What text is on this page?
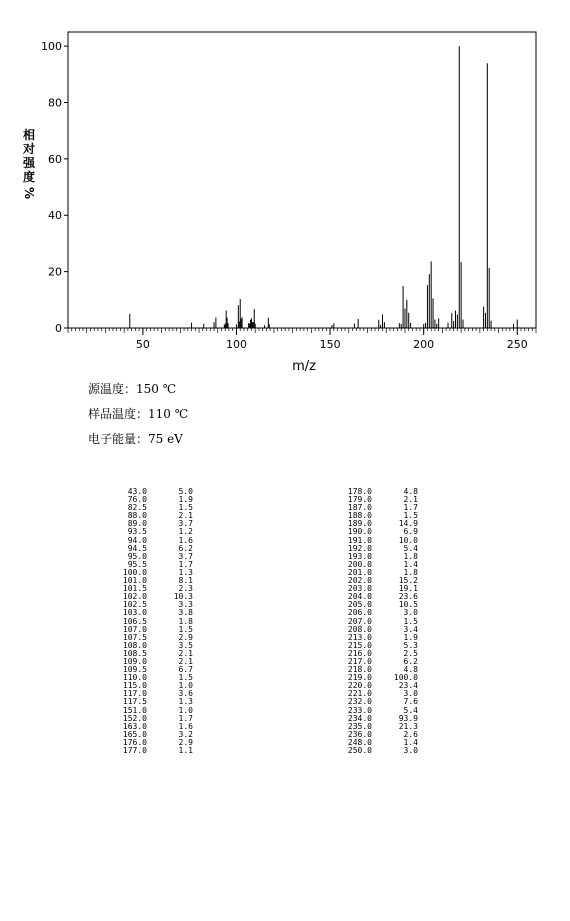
0
20
40
60
80
100
50	100	150	200	250
m/z
相
对
强
度
%
源温度：150 ℃
样品温度：110 ℃
电子能量：75 eV
43.0	5.0
76.0	1.9
82.5	1.5
88.0	2.1
89.0	3.7
93.5	1.2
94.0	1.6
94.5	6.2
95.0	3.7
95.5	1.7
100.0	1.3
101.0	8.1
101.5	2.3
102.0	10.3
102.5	3.3
103.0	3.8
106.5	1.8
107.0	1.5
107.5	2.9
108.0	3.5
108.5	2.1
109.0	2.1
109.5	6.7
110.0	1.5
115.0	1.0
117.0	3.6
117.5	1.3
151.0	1.0
152.0	1.7
163.0	1.6
165.0	3.2
176.0	2.9
177.0	1.1
178.0	4.8
179.0	2.1
187.0	1.7
188.0	1.5
189.0	14.9
190.0	6.9
191.0	10.0
192.0	5.4
193.0	1.8
200.0	1.4
201.0	1.8
202.0	15.2
203.0	19.1
204.0	23.6
205.0	10.5
206.0	3.0
207.0	1.5
208.0	3.4
213.0	1.9
215.0	5.3
216.0	2.5
217.0	6.2
218.0	4.8
219.0	100.0
220.0	23.4
221.0	3.0
232.0	7.6
233.0	5.4
234.0	93.9
235.0	21.3
236.0	2.6
248.0	1.4
250.0	3.0
